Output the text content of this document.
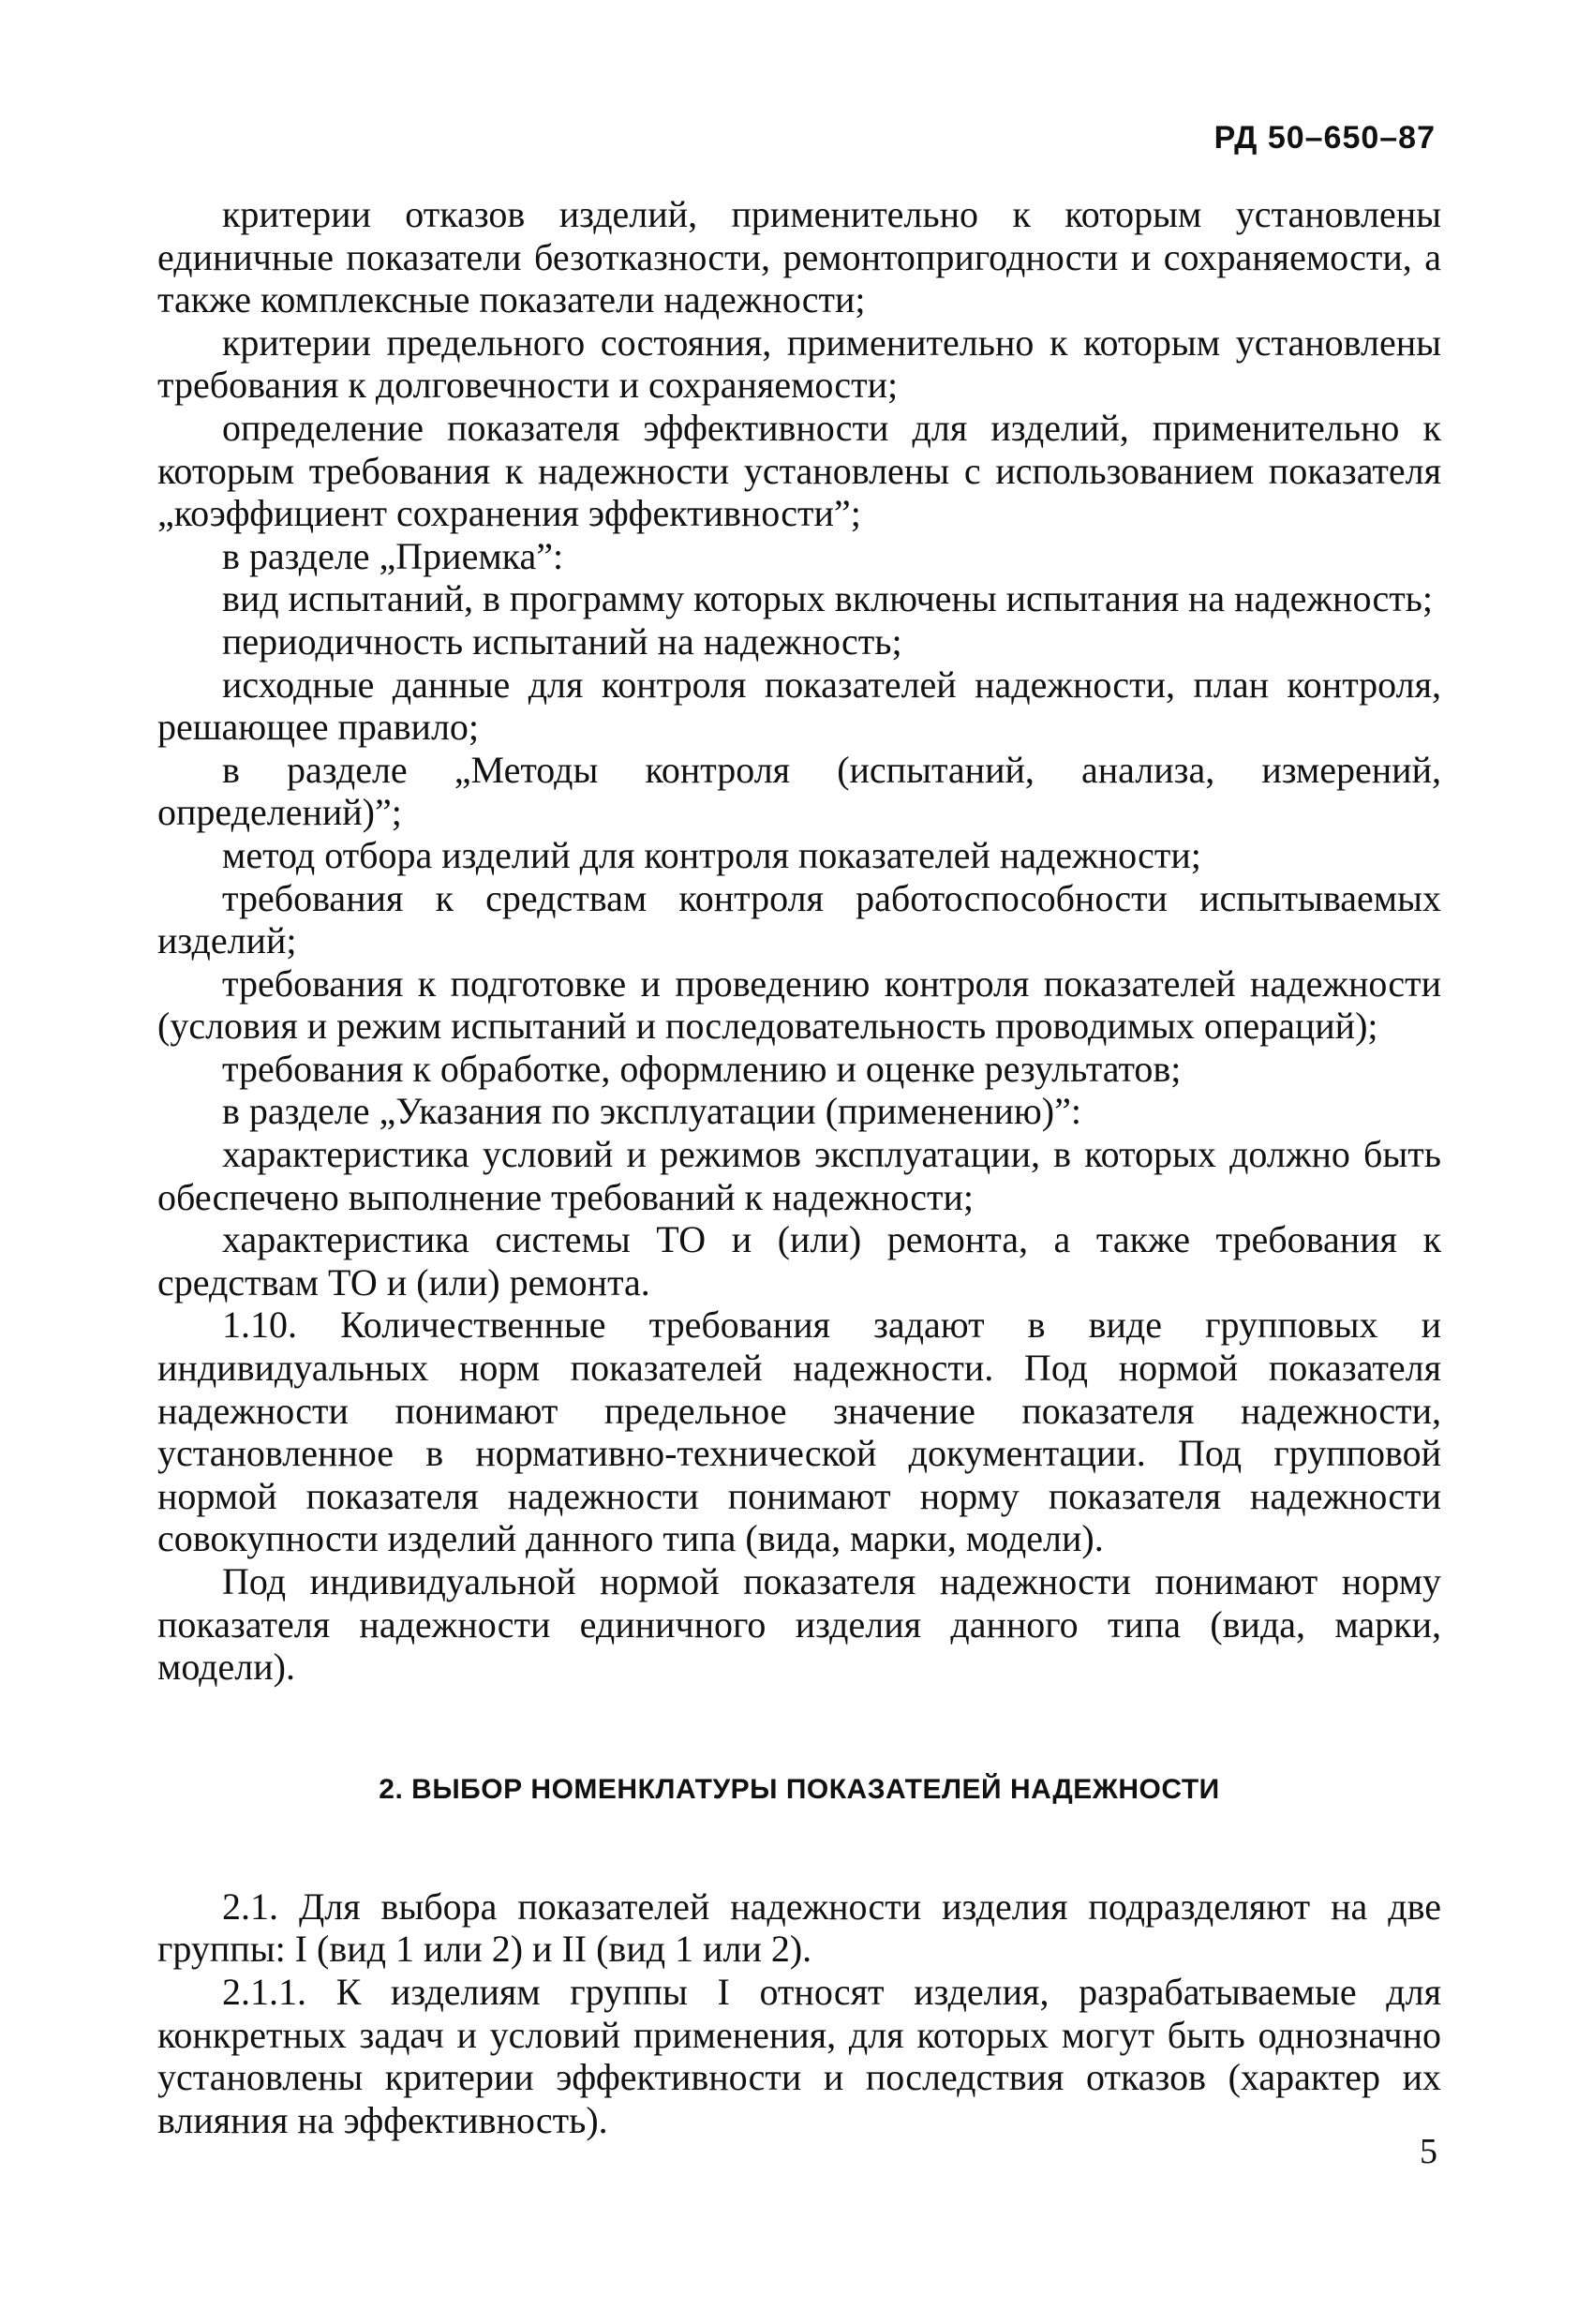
РД 50–650–87

критерии отказов изделий, применительно к которым установлены единичные показатели безотказности, ремонтопригодности и сохраняемости, а также комплексные показатели надежности;

критерии предельного состояния, применительно к которым установлены требования к долговечности и сохраняемости;

определение показателя эффективности для изделий, применительно к которым требования к надежности установлены с использованием показателя „коэффициент сохранения эффективности”;

в разделе „Приемка”:

вид испытаний, в программу которых включены испытания на надежность;

периодичность испытаний на надежность;

исходные данные для контроля показателей надежности, план контроля, решающее правило;

в разделе „Методы контроля (испытаний, анализа, измерений, определений)”;

метод отбора изделий для контроля показателей надежности;

требования к средствам контроля работоспособности испытываемых изделий;

требования к подготовке и проведению контроля показателей надежности (условия и режим испытаний и последовательность проводимых операций);

требования к обработке, оформлению и оценке результатов;

в разделе „Указания по эксплуатации (применению)”:

характеристика условий и режимов эксплуатации, в которых должно быть обеспечено выполнение требований к надежности;

характеристика системы ТО и (или) ремонта, а также требования к средствам ТО и (или) ремонта.

1.10. Количественные требования задают в виде групповых и индивидуальных норм показателей надежности. Под нормой показателя надежности понимают предельное значение показателя надежности, установленное в нормативно-технической документации. Под групповой нормой показателя надежности понимают норму показателя надежности совокупности изделий данного типа (вида, марки, модели).

Под индивидуальной нормой показателя надежности понимают норму показателя надежности единичного изделия данного типа (вида, марки, модели).

2. ВЫБОР НОМЕНКЛАТУРЫ ПОКАЗАТЕЛЕЙ НАДЕЖНОСТИ

2.1. Для выбора показателей надежности изделия подразделяют на две группы: I (вид 1 или 2) и II (вид 1 или 2).

2.1.1. К изделиям группы I относят изделия, разрабатываемые для конкретных задач и условий применения, для которых могут быть однозначно установлены критерии эффективности и последствия отказов (характер их влияния на эффективность).

5
